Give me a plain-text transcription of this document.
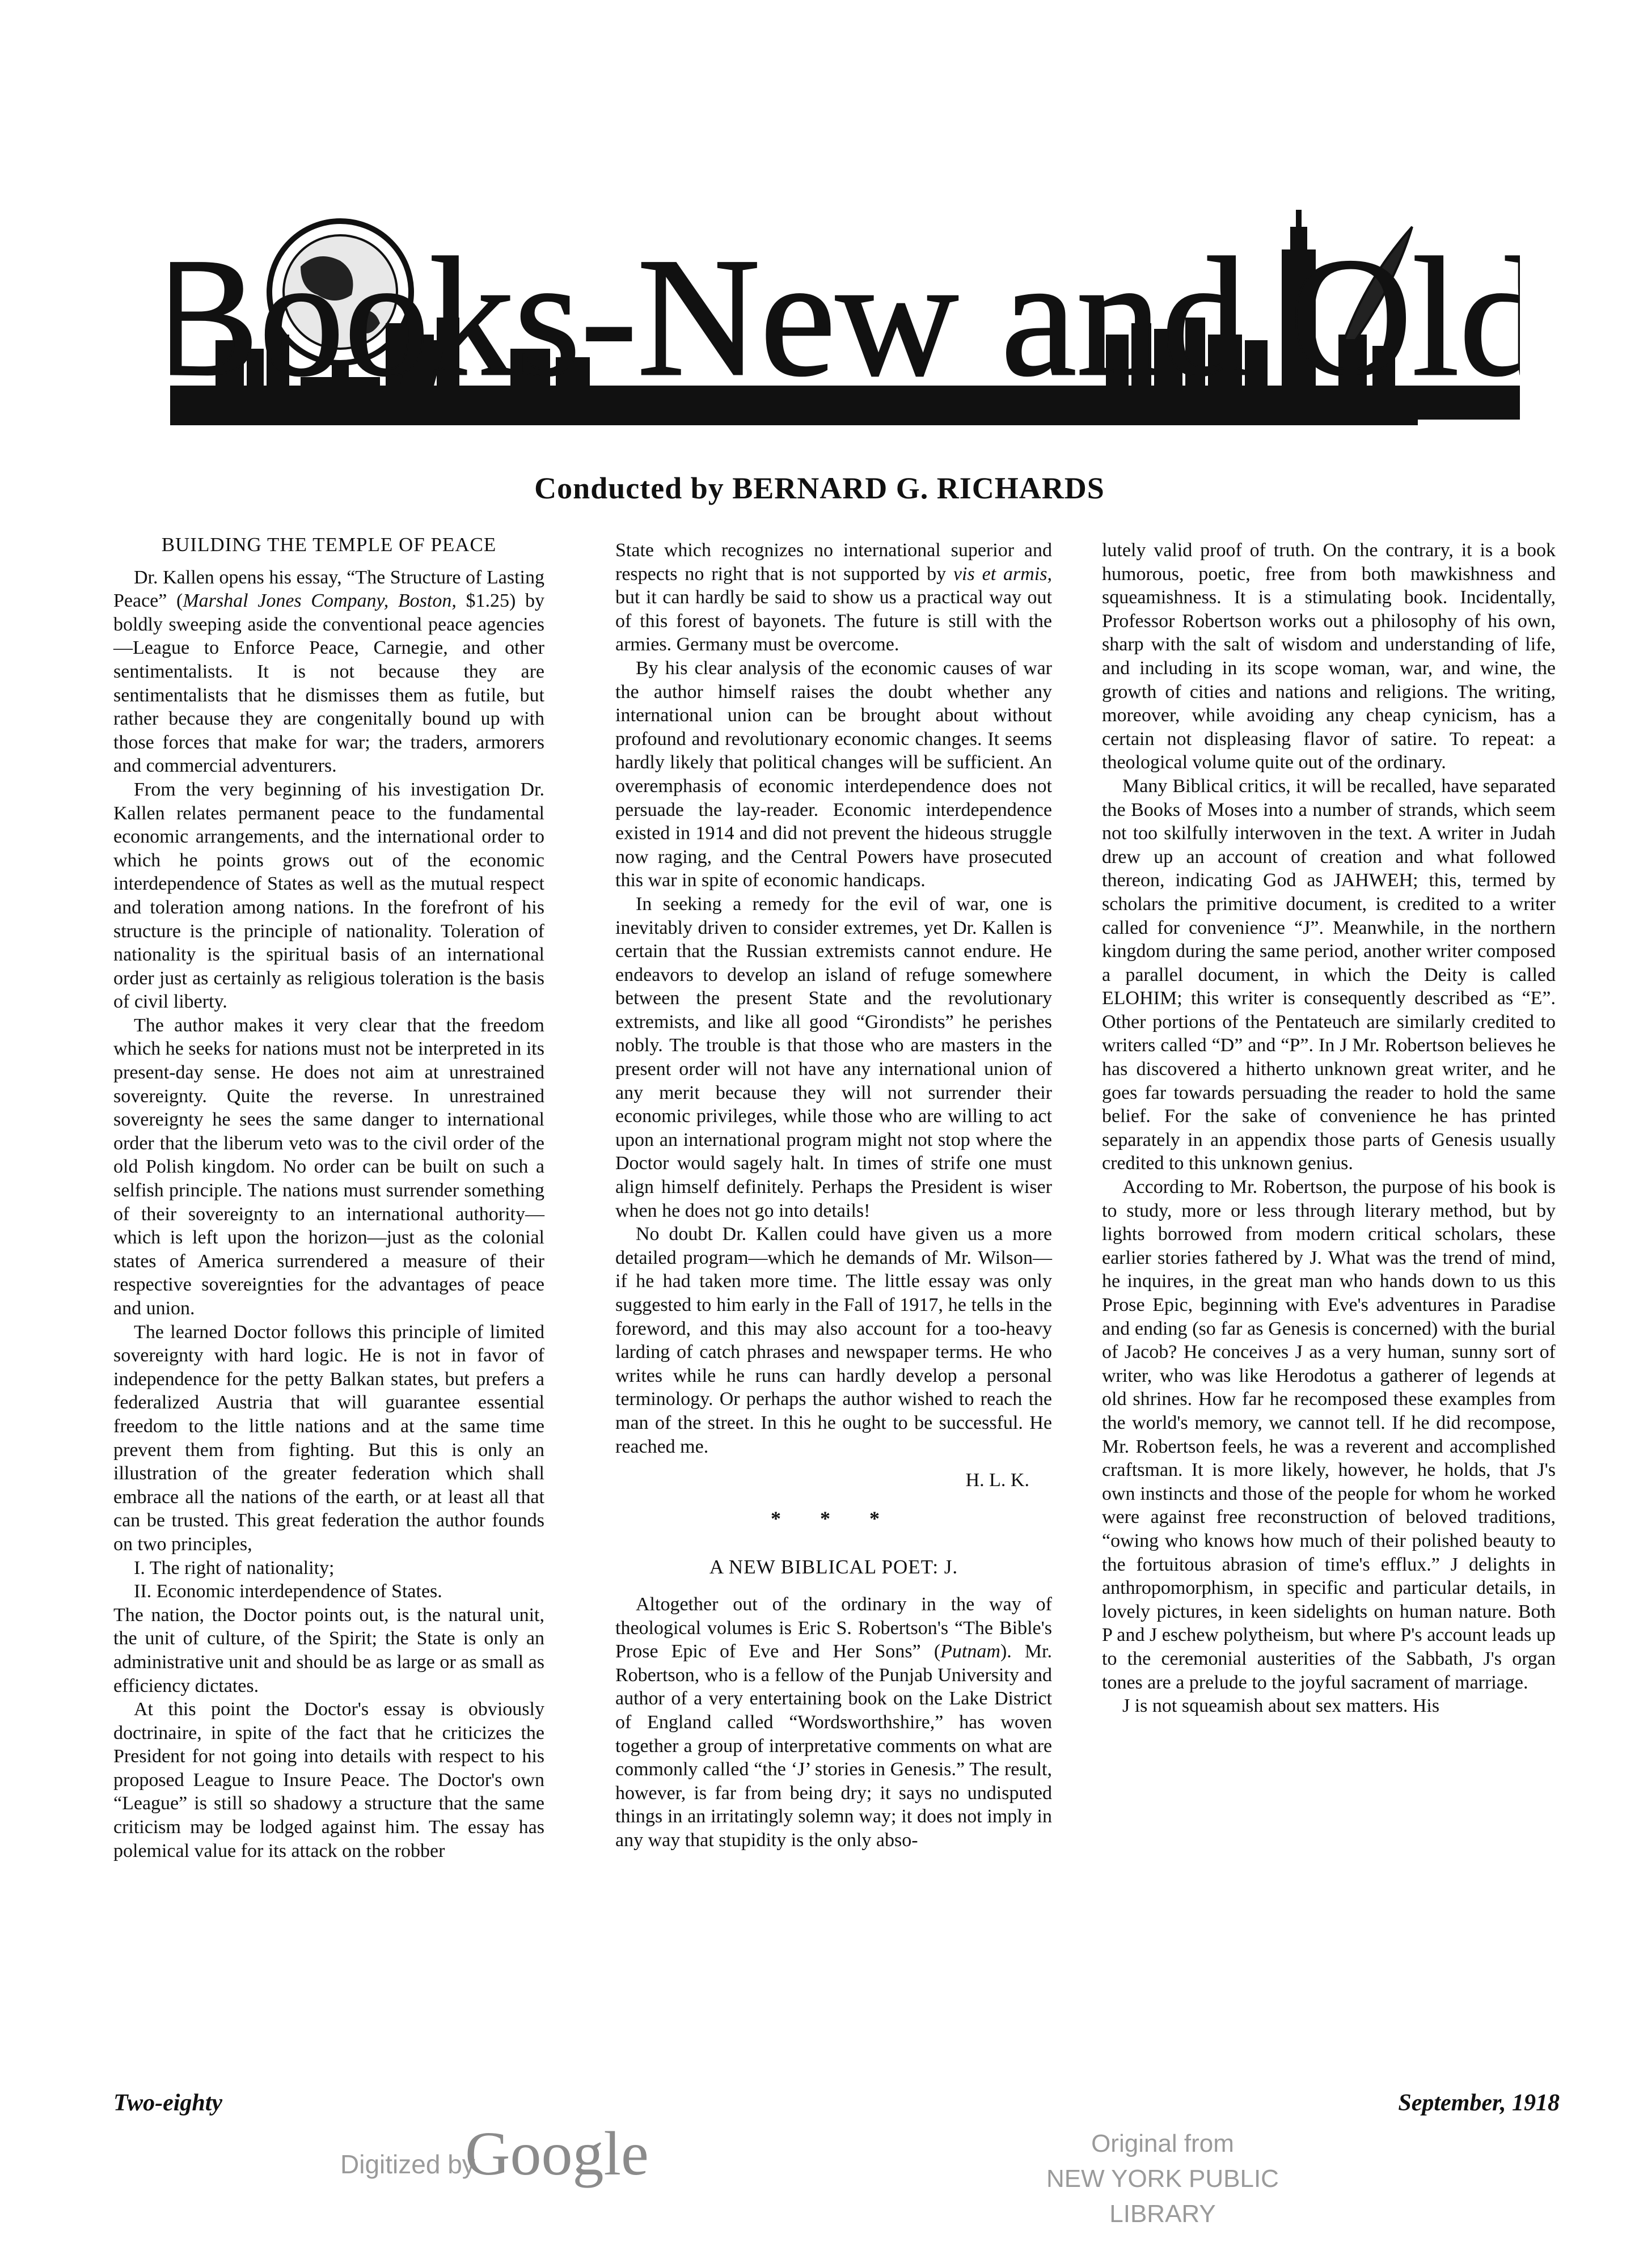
Books-New and Old
Conducted by BERNARD G. RICHARDS

BUILDING THE TEMPLE OF PEACE

Dr. Kallen opens his essay, “The Structure of Lasting Peace” (Marshal Jones Company, Boston, $1.25) by boldly sweeping aside the conventional peace agencies—League to Enforce Peace, Carnegie, and other sentimentalists. It is not because they are sentimentalists that he dismisses them as futile, but rather because they are congenitally bound up with those forces that make for war; the traders, armorers and commercial adventurers.

From the very beginning of his investigation Dr. Kallen relates permanent peace to the fundamental economic arrangements, and the international order to which he points grows out of the economic interdependence of States as well as the mutual respect and toleration among nations. In the forefront of his structure is the principle of nationality. Toleration of nationality is the spiritual basis of an international order just as certainly as religious toleration is the basis of civil liberty.

The author makes it very clear that the freedom which he seeks for nations must not be interpreted in its present-day sense. He does not aim at unrestrained sovereignty. Quite the reverse. In unrestrained sovereignty he sees the same danger to international order that the liberum veto was to the civil order of the old Polish kingdom. No order can be built on such a selfish principle. The nations must surrender something of their sovereignty to an international authority—which is left upon the horizon—just as the colonial states of America surrendered a measure of their respective sovereignties for the advantages of peace and union.

The learned Doctor follows this principle of limited sovereignty with hard logic. He is not in favor of independence for the petty Balkan states, but prefers a federalized Austria that will guarantee essential freedom to the little nations and at the same time prevent them from fighting. But this is only an illustration of the greater federation which shall embrace all the nations of the earth, or at least all that can be trusted. This great federation the author founds on two principles,

I. The right of nationality;

II. Economic interdependence of States.

The nation, the Doctor points out, is the natural unit, the unit of culture, of the Spirit; the State is only an administrative unit and should be as large or as small as efficiency dictates.

At this point the Doctor's essay is obviously doctrinaire, in spite of the fact that he criticizes the President for not going into details with respect to his proposed League to Insure Peace. The Doctor's own “League” is still so shadowy a structure that the same criticism may be lodged against him. The essay has polemical value for its attack on the robber

State which recognizes no international superior and respects no right that is not supported by vis et armis, but it can hardly be said to show us a practical way out of this forest of bayonets. The future is still with the armies. Germany must be overcome.

By his clear analysis of the economic causes of war the author himself raises the doubt whether any international union can be brought about without profound and revolutionary economic changes. It seems hardly likely that political changes will be sufficient. An overemphasis of economic interdependence does not persuade the lay-reader. Economic interdependence existed in 1914 and did not prevent the hideous struggle now raging, and the Central Powers have prosecuted this war in spite of economic handicaps.

In seeking a remedy for the evil of war, one is inevitably driven to consider extremes, yet Dr. Kallen is certain that the Russian extremists cannot endure. He endeavors to develop an island of refuge somewhere between the present State and the revolutionary extremists, and like all good “Girondists” he perishes nobly. The trouble is that those who are masters in the present order will not have any international union of any merit because they will not surrender their economic privileges, while those who are willing to act upon an international program might not stop where the Doctor would sagely halt. In times of strife one must align himself definitely. Perhaps the President is wiser when he does not go into details!

No doubt Dr. Kallen could have given us a more detailed program—which he demands of Mr. Wilson—if he had taken more time. The little essay was only suggested to him early in the Fall of 1917, he tells in the foreword, and this may also account for a too-heavy larding of catch phrases and newspaper terms. He who writes while he runs can hardly develop a personal terminology. Or perhaps the author wished to reach the man of the street. In this he ought to be successful. He reached me.

H. L. K.

* * *

A NEW BIBLICAL POET: J.

Altogether out of the ordinary in the way of theological volumes is Eric S. Robertson's “The Bible's Prose Epic of Eve and Her Sons” (Putnam). Mr. Robertson, who is a fellow of the Punjab University and author of a very entertaining book on the Lake District of England called “Wordsworthshire,” has woven together a group of interpretative comments on what are commonly called “the ‘J’ stories in Genesis.” The result, however, is far from being dry; it says no undisputed things in an irritatingly solemn way; it does not imply in any way that stupidity is the only abso-

lutely valid proof of truth. On the contrary, it is a book humorous, poetic, free from both mawkishness and squeamishness. It is a stimulating book. Incidentally, Professor Robertson works out a philosophy of his own, sharp with the salt of wisdom and understanding of life, and including in its scope woman, war, and wine, the growth of cities and nations and religions. The writing, moreover, while avoiding any cheap cynicism, has a certain not displeasing flavor of satire. To repeat: a theological volume quite out of the ordinary.

Many Biblical critics, it will be recalled, have separated the Books of Moses into a number of strands, which seem not too skilfully interwoven in the text. A writer in Judah drew up an account of creation and what followed thereon, indicating God as JAHWEH; this, termed by scholars the primitive document, is credited to a writer called for convenience “J”. Meanwhile, in the northern kingdom during the same period, another writer composed a parallel document, in which the Deity is called ELOHIM; this writer is consequently described as “E”. Other portions of the Pentateuch are similarly credited to writers called “D” and “P”. In J Mr. Robertson believes he has discovered a hitherto unknown great writer, and he goes far towards persuading the reader to hold the same belief. For the sake of convenience he has printed separately in an appendix those parts of Genesis usually credited to this unknown genius.

According to Mr. Robertson, the purpose of his book is to study, more or less through literary method, but by lights borrowed from modern critical scholars, these earlier stories fathered by J. What was the trend of mind, he inquires, in the great man who hands down to us this Prose Epic, beginning with Eve's adventures in Paradise and ending (so far as Genesis is concerned) with the burial of Jacob? He conceives J as a very human, sunny sort of writer, who was like Herodotus a gatherer of legends at old shrines. How far he recomposed these examples from the world's memory, we cannot tell. If he did recompose, Mr. Robertson feels, he was a reverent and accomplished craftsman. It is more likely, however, he holds, that J's own instincts and those of the people for whom he worked were against free reconstruction of beloved traditions, “owing who knows how much of their polished beauty to the fortuitous abrasion of time's efflux.” J delights in anthropomorphism, in specific and particular details, in lovely pictures, in keen sidelights on human nature. Both P and J eschew polytheism, but where P's account leads up to the ceremonial austerities of the Sabbath, J's organ tones are a prelude to the joyful sacrament of marriage.

J is not squeamish about sex matters. His

Two-eighty	September, 1918
Digitized by
Google	Original from
NEW YORK PUBLIC LIBRARY
